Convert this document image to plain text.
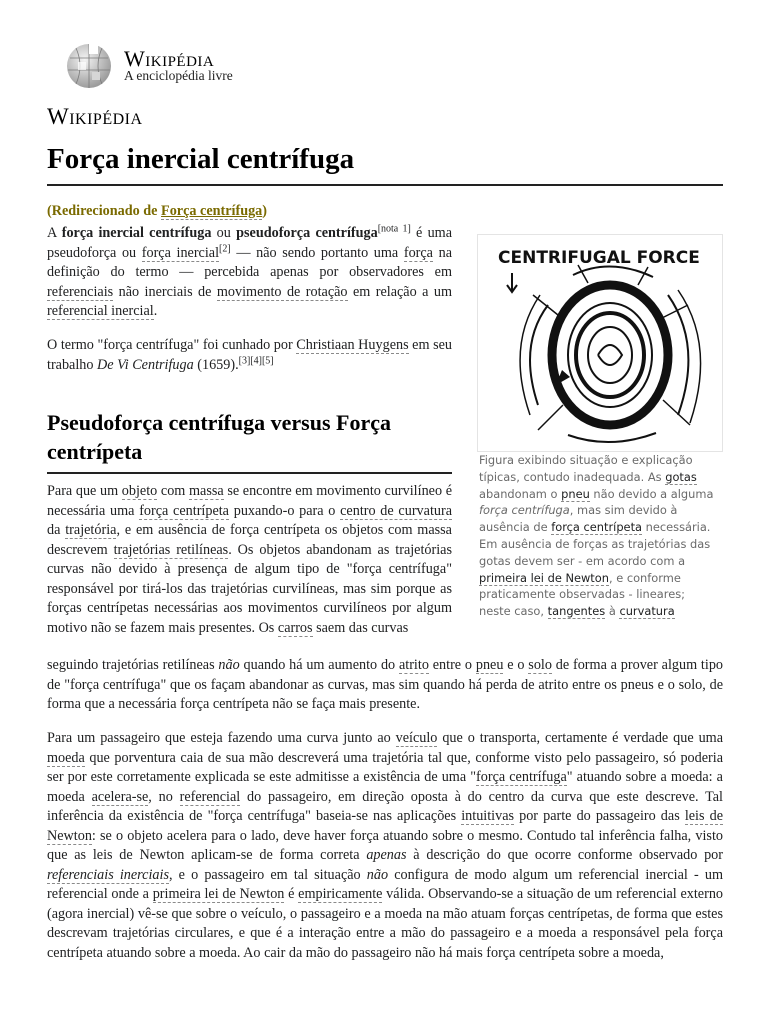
Wikipédia
A enciclopédia livre
Wikipédia
Força inercial centrífuga
(Redirecionado de Força centrífuga)

A força inercial centrífuga ou pseudoforça centrífuga[nota 1] é uma pseudoforça ou força inercial[2] — não sendo portanto uma força na definição do termo — percebida apenas por observadores em referenciais não inerciais de movimento de rotação em relação a um referencial inercial.

O termo "força centrífuga" foi cunhado por Christiaan Huygens em seu trabalho De Vi Centrifuga (1659).[3][4][5]

CENTRIFUGAL FORCE
Figura exibindo situação e explicação típicas, contudo inadequada. As gotas abandonam o pneu não devido a alguma força centrífuga, mas sim devido à ausência de força centrípeta necessária. Em ausência de forças as trajetórias das gotas devem ser - em acordo com a primeira lei de Newton, e conforme praticamente observadas - lineares; neste caso, tangentes à curvatura
Pseudoforça centrífuga versus Força centrípeta

Para que um objeto com massa se encontre em movimento curvilíneo é necessária uma força centrípeta puxando-o para o centro de curvatura da trajetória, e em ausência de força centrípeta os objetos com massa descrevem trajetórias retilíneas. Os objetos abandonam as trajetórias curvas não devido à presença de algum tipo de "força centrífuga" responsável por tirá-los das trajetórias curvilíneas, mas sim porque as forças centrípetas necessárias aos movimentos curvilíneos por algum motivo não se fazem mais presentes. Os carros saem das curvas

seguindo trajetórias retilíneas não quando há um aumento do atrito entre o pneu e o solo de forma a prover algum tipo de "força centrífuga" que os façam abandonar as curvas, mas sim quando há perda de atrito entre os pneus e o solo, de forma que a necessária força centrípeta não se faça mais presente.

Para um passageiro que esteja fazendo uma curva junto ao veículo que o transporta, certamente é verdade que uma moeda que porventura caia de sua mão descreverá uma trajetória tal que, conforme visto pelo passageiro, só poderia ser por este corretamente explicada se este admitisse a existência de uma "força centrífuga" atuando sobre a moeda: a moeda acelera-se, no referencial do passageiro, em direção oposta à do centro da curva que este descreve. Tal inferência da existência de "força centrífuga" baseia-se nas aplicações intuitivas por parte do passageiro das leis de Newton: se o objeto acelera para o lado, deve haver força atuando sobre o mesmo. Contudo tal inferência falha, visto que as leis de Newton aplicam-se de forma correta apenas à descrição do que ocorre conforme observado por referenciais inerciais, e o passageiro em tal situação não configura de modo algum um referencial inercial - um referencial onde a primeira lei de Newton é empiricamente válida. Observando-se a situação de um referencial externo (agora inercial) vê-se que sobre o veículo, o passageiro e a moeda na mão atuam forças centrípetas, de forma que estes descrevam trajetórias circulares, e que é a interação entre a mão do passageiro e a moeda a responsável pela força centrípeta atuando sobre a moeda. Ao cair da mão do passageiro não há mais força centrípeta sobre a moeda,
